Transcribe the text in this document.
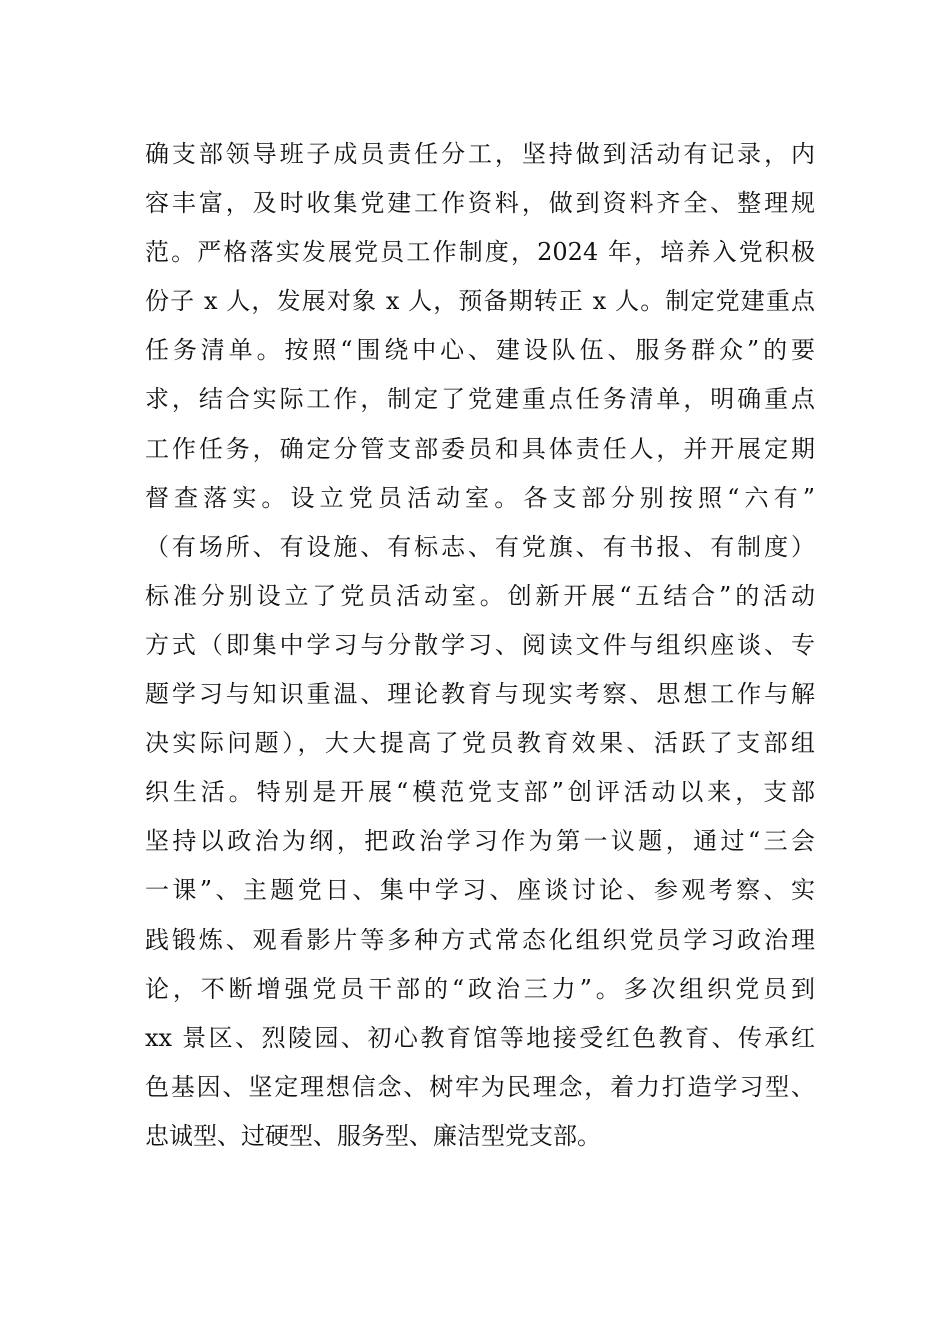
确支部领导班子成员责任分工，坚持做到活动有记录，内
容丰富，及时收集党建工作资料，做到资料齐全、整理规
范。严格落实发展党员工作制度，2024 年，培养入党积极
份子 x 人，发展对象 x 人，预备期转正 x 人。制定党建重点
任务清单。按照“围绕中心、建设队伍、服务群众”的要
求，结合实际工作，制定了党建重点任务清单，明确重点
工作任务，确定分管支部委员和具体责任人，并开展定期
督查落实。设立党员活动室。各支部分别按照“六有”
（有场所、有设施、有标志、有党旗、有书报、有制度）
标准分别设立了党员活动室。创新开展“五结合”的活动
方式（即集中学习与分散学习、阅读文件与组织座谈、专
题学习与知识重温、理论教育与现实考察、思想工作与解
决实际问题），大大提高了党员教育效果、活跃了支部组
织生活。特别是开展“模范党支部”创评活动以来，支部
坚持以政治为纲，把政治学习作为第一议题，通过“三会
一课”、主题党日、集中学习、座谈讨论、参观考察、实
践锻炼、观看影片等多种方式常态化组织党员学习政治理
论，不断增强党员干部的“政治三力”。多次组织党员到
xx 景区、烈陵园、初心教育馆等地接受红色教育、传承红
色基因、坚定理想信念、树牢为民理念，着力打造学习型、
忠诚型、过硬型、服务型、廉洁型党支部。
